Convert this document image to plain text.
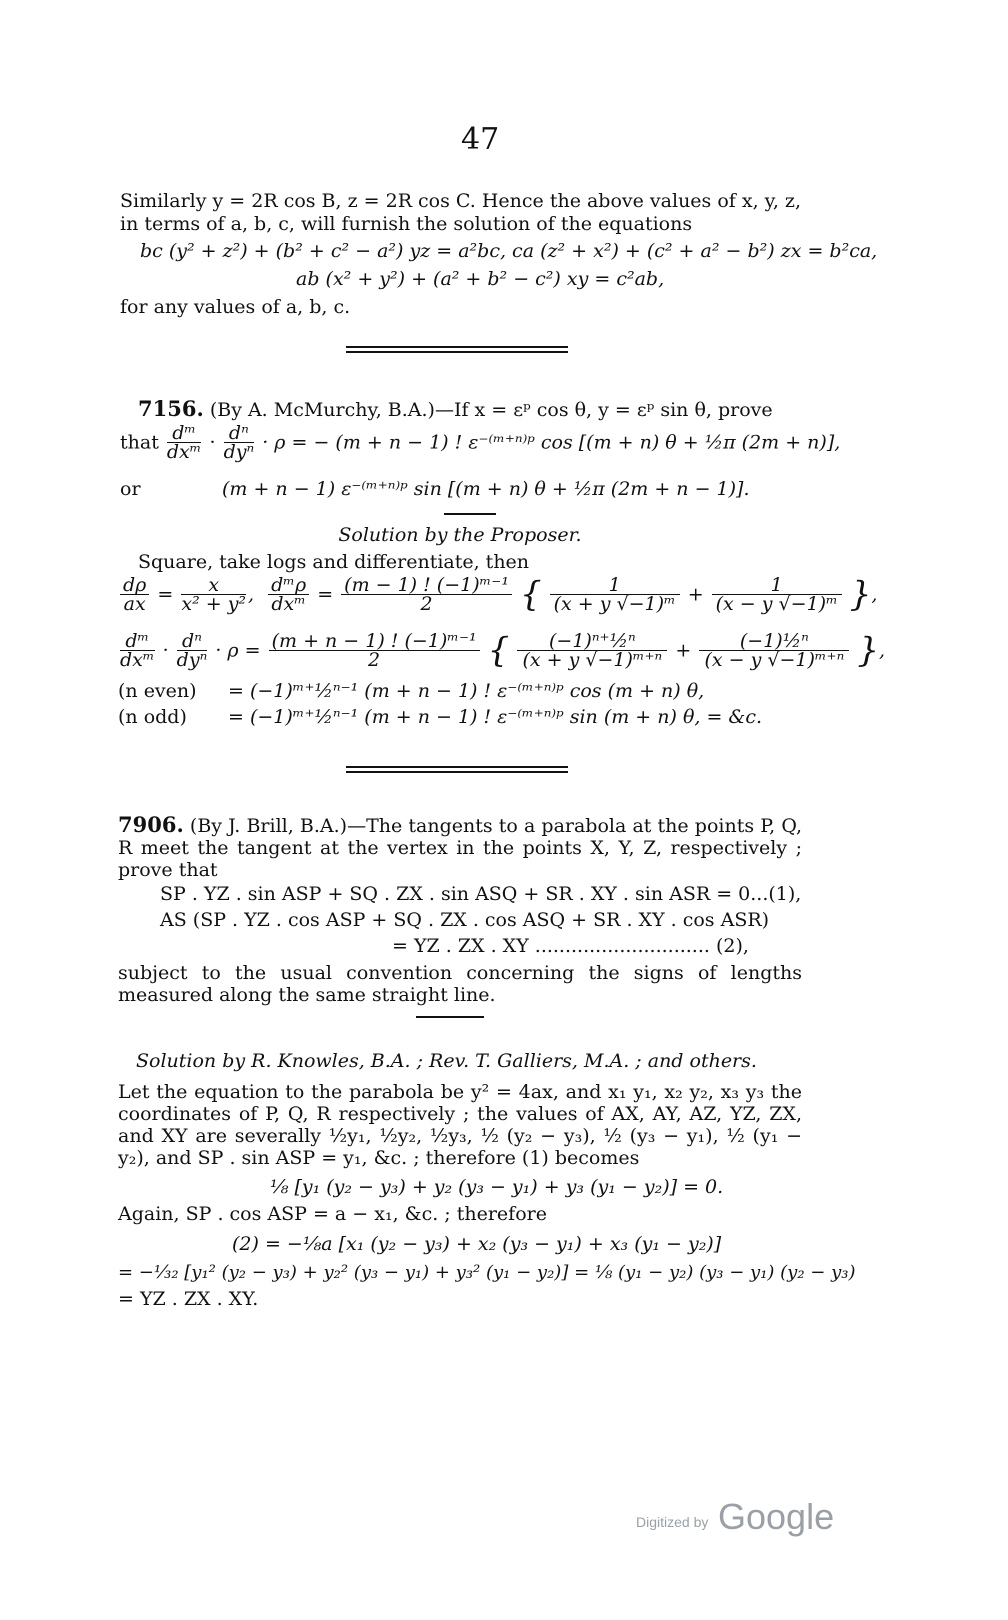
47
Similarly y = 2R cos B, z = 2R cos C. Hence the above values of x, y, z,
in terms of a, b, c, will furnish the solution of the equations
bc (y² + z²) + (b² + c² − a²) yz = a²bc, ca (z² + x²) + (c² + a² − b²) zx = b²ca,
ab (x² + y²) + (a² + b² − c²) xy = c²ab,
for any values of a, b, c.
7156. (By A. McMurchy, B.A.)—If x = εᵖ cos θ, y = εᵖ sin θ, prove
that $\frac{\text{dᵐ}}{\text{dxᵐ}} \cdot \frac{\text{dⁿ}}{\text{dyⁿ}} \cdot \rho$ = − (m + n − 1) ! ε⁻⁽ᵐ⁺ⁿ⁾ᵖ cos [(m + n) θ + ½π (2m + n)],
or	(m + n − 1) ε⁻⁽ᵐ⁺ⁿ⁾ᵖ sin [(m + n) θ + ½π (2m + n − 1)].
Solution by the Proposer.
Square, take logs and differentiate, then
$\frac{d\rho}{ax} = \frac{x}{\text{x² + y²}}$ , $\frac{\text{dᵐρ}}{\text{dxᵐ}} = \frac{\text{(m − 1) ! (−1)ᵐ⁻¹}}{2}$ { $\frac{1}{\text{(x + y √−1)ᵐ}} + \frac{1}{\text{(x − y √−1)ᵐ}}$ },
$\frac{\text{dᵐ}}{\text{dxᵐ}} \cdot \frac{\text{dⁿ}}{\text{dyⁿ}} \cdot \rho = \frac{\text{(m + n − 1) ! (−1)ᵐ⁻¹}}{2}$ { $\frac{\text{(−1)ⁿ⁺½ⁿ}}{\text{(x + y √−1)ᵐ⁺ⁿ}} + \frac{\text{(−1)½ⁿ}}{\text{(x − y √−1)ᵐ⁺ⁿ}}$ },
(n even) = (−1)ᵐ⁺½ⁿ⁻¹ (m + n − 1) ! ε⁻⁽ᵐ⁺ⁿ⁾ᵖ cos (m + n) θ,
(n odd) = (−1)ᵐ⁺½ⁿ⁻¹ (m + n − 1) ! ε⁻⁽ᵐ⁺ⁿ⁾ᵖ sin (m + n) θ, = &c.
7906. (By J. Brill, B.A.)—The tangents to a parabola at the points P, Q, R meet the tangent at the vertex in the points X, Y, Z, respectively ; prove that
SP . YZ . sin ASP + SQ . ZX . sin ASQ + SR . XY . sin ASR = 0...(1),
AS (SP . YZ . cos ASP + SQ . ZX . cos ASQ + SR . XY . cos ASR)
= YZ . ZX . XY ............................. (2),
subject to the usual convention concerning the signs of lengths measured along the same straight line.
Solution by R. Knowles, B.A. ; Rev. T. Galliers, M.A. ; and others.
Let the equation to the parabola be y² = 4ax, and x₁ y₁, x₂ y₂, x₃ y₃ the coordinates of P, Q, R respectively ; the values of AX, AY, AZ, YZ, ZX, and XY are severally ½y₁, ½y₂, ½y₃, ½ (y₂ − y₃), ½ (y₃ − y₁), ½ (y₁ − y₂), and SP . sin ASP = y₁, &c. ; therefore (1) becomes
⅛ [y₁ (y₂ − y₃) + y₂ (y₃ − y₁) + y₃ (y₁ − y₂)] = 0.
Again, SP . cos ASP = a − x₁, &c. ; therefore
(2) = −⅛a [x₁ (y₂ − y₃) + x₂ (y₃ − y₁) + x₃ (y₁ − y₂)]
= −⅟₃₂ [y₁² (y₂ − y₃) + y₂² (y₃ − y₁) + y₃² (y₁ − y₂)] = ⅛ (y₁ − y₂) (y₃ − y₁) (y₂ − y₃)
= YZ . ZX . XY.
Digitized by Google
